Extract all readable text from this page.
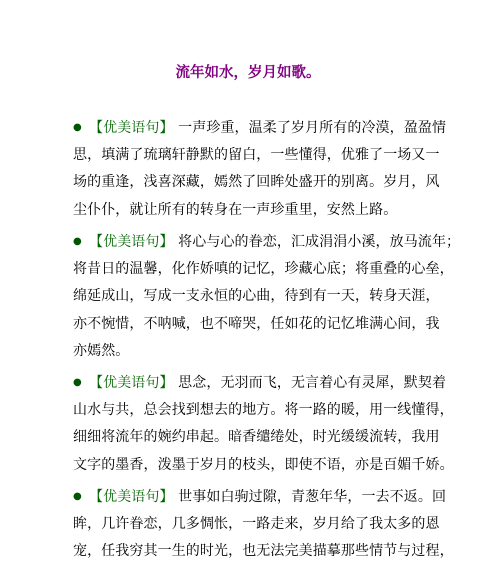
流年如水，岁月如歌。
● 【优美语句】 一声珍重，温柔了岁月所有的冷漠，盈盈情
思，填满了琉璃轩静默的留白，一些懂得，优雅了一场又一
场的重逢，浅喜深藏，嫣然了回眸处盛开的别离。岁月，风
尘仆仆，就让所有的转身在一声珍重里，安然上路。
● 【优美语句】 将心与心的眷恋，汇成涓涓小溪，放马流年；
将昔日的温馨，化作娇嗔的记忆，珍藏心底；将重叠的心垒，
绵延成山，写成一支永恒的心曲，待到有一天，转身天涯，
亦不惋惜，不呐喊，也不啼哭，任如花的记忆堆满心间，我
亦嫣然。
● 【优美语句】 思念，无羽而飞，无言着心有灵犀，默契着
山水与共，总会找到想去的地方。将一路的暖，用一线懂得，
细细将流年的婉约串起。暗香缱绻处，时光缓缓流转，我用
文字的墨香，泼墨于岁月的枝头，即使不语，亦是百媚千娇。
● 【优美语句】 世事如白驹过隙，青葱年华，一去不返。回
眸，几许眷恋，几多惆怅，一路走来，岁月给了我太多的恩
宠，任我穷其一生的时光，也无法完美描摹那些情节与过程，
